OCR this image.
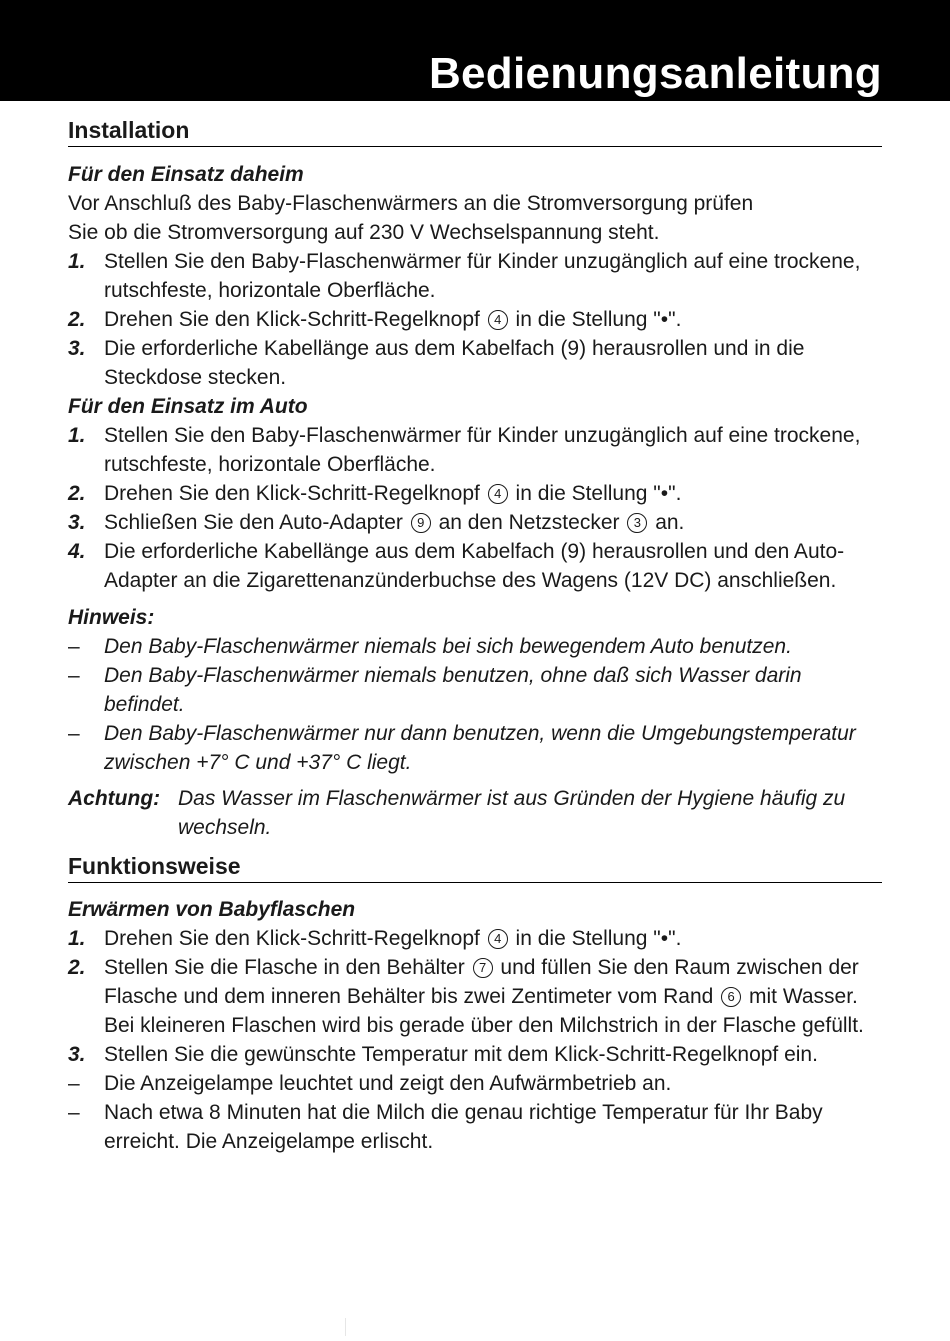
Bedienungsanleitung
Installation
Für den Einsatz daheim
Vor Anschluß des Baby-Flaschenwärmers an die Stromversorgung prüfen
Sie ob die Stromversorgung auf 230 V Wechselspannung steht.
1. Stellen Sie den Baby-Flaschenwärmer für Kinder unzugänglich auf eine trockene, rutschfeste, horizontale Oberfläche.
2. Drehen Sie den Klick-Schritt-Regelknopf 4 in die Stellung "•".
3. Die erforderliche Kabellänge aus dem Kabelfach (9) herausrollen und in die Steckdose stecken.
Für den Einsatz im Auto
1. Stellen Sie den Baby-Flaschenwärmer für Kinder unzugänglich auf eine trockene, rutschfeste, horizontale Oberfläche.
2. Drehen Sie den Klick-Schritt-Regelknopf 4 in die Stellung "•".
3. Schließen Sie den Auto-Adapter 9 an den Netzstecker 3 an.
4. Die erforderliche Kabellänge aus dem Kabelfach (9) herausrollen und den Auto-Adapter an die Zigarettenanzünderbuchse des Wagens (12V DC) anschließen.
Hinweis:
–	Den Baby-Flaschenwärmer niemals bei sich bewegendem Auto benutzen.
–	Den Baby-Flaschenwärmer niemals benutzen, ohne daß sich Wasser darin befindet.
–	Den Baby-Flaschenwärmer nur dann benutzen, wenn die Umgebungstemperatur zwischen +7° C und +37° C liegt.
Achtung: Das Wasser im Flaschenwärmer ist aus Gründen der Hygiene häufig zu wechseln.
Funktionsweise
Erwärmen von Babyflaschen
1. Drehen Sie den Klick-Schritt-Regelknopf 4 in die Stellung "•".
2. Stellen Sie die Flasche in den Behälter 7 und füllen Sie den Raum zwischen der Flasche und dem inneren Behälter bis zwei Zentimeter vom Rand 6 mit Wasser. Bei kleineren Flaschen wird bis gerade über den Milchstrich in der Flasche gefüllt.
3. Stellen Sie die gewünschte Temperatur mit dem Klick-Schritt-Regelknopf ein.
–	Die Anzeigelampe leuchtet und zeigt den Aufwärmbetrieb an.
–	Nach etwa 8 Minuten hat die Milch die genau richtige Temperatur für Ihr Baby erreicht. Die Anzeigelampe erlischt.
